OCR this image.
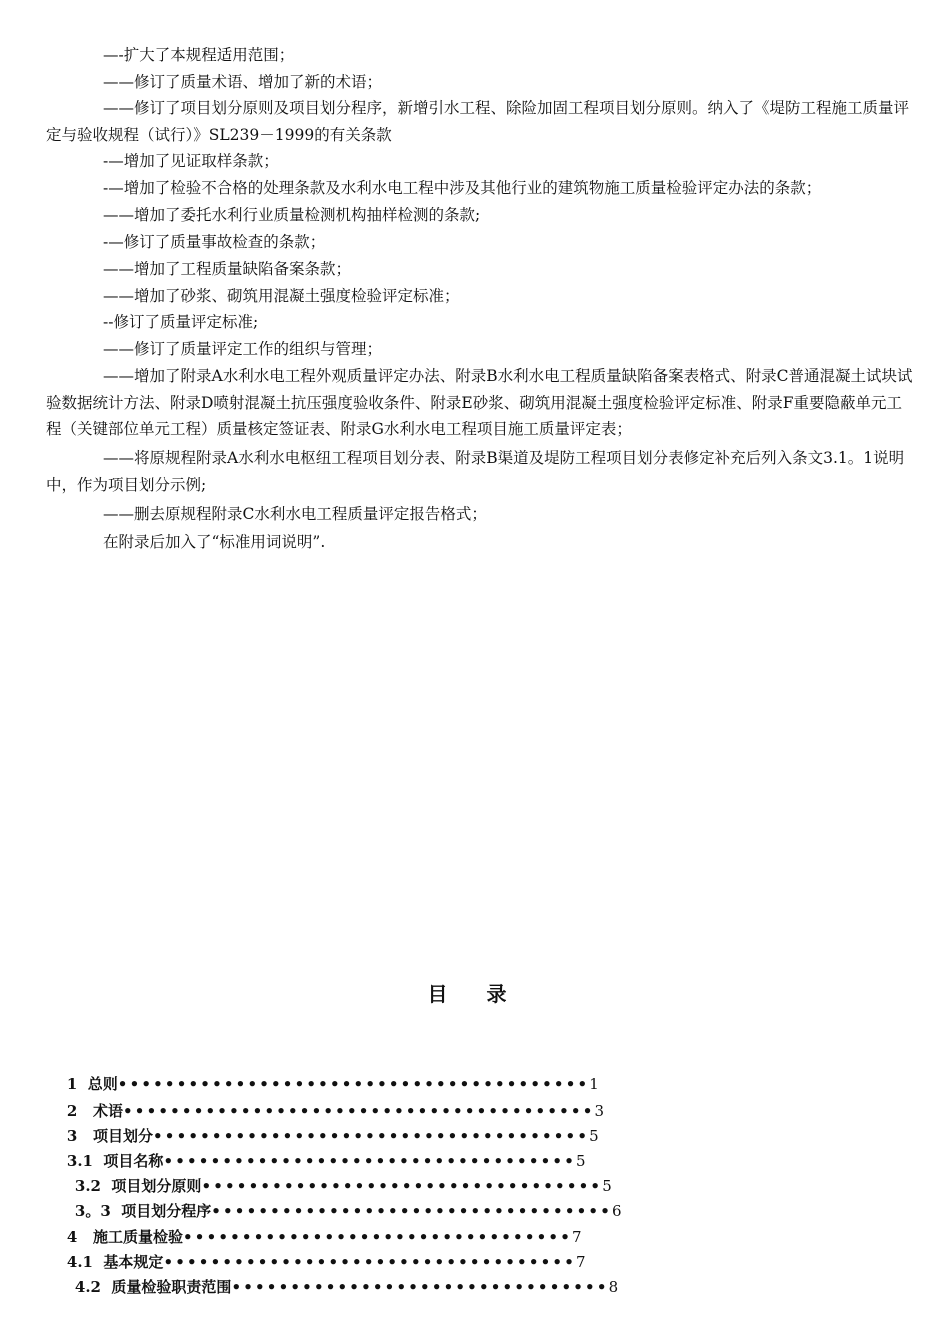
—-扩大了本规程适用范围；

——修订了质量术语、增加了新的术语；

——修订了项目划分原则及项目划分程序，新增引水工程、除险加固工程项目划分原则。纳入了《堤防工程施工质量评定与验收规程（试行）》SL239－1999的有关条款

-—增加了见证取样条款；

-—增加了检验不合格的处理条款及水利水电工程中涉及其他行业的建筑物施工质量检验评定办法的条款；

——增加了委托水利行业质量检测机构抽样检测的条款;

-—修订了质量事故检查的条款；

——增加了工程质量缺陷备案条款；

——增加了砂浆、砌筑用混凝土强度检验评定标准；

--修订了质量评定标准;

——修订了质量评定工作的组织与管理；

——增加了附录A水利水电工程外观质量评定办法、附录B水利水电工程质量缺陷备案表格式、附录C普通混凝土试块试验数据统计方法、附录D喷射混凝土抗压强度验收条件、附录E砂浆、砌筑用混凝土强度检验评定标准、附录F重要隐蔽单元工程（关键部位单元工程）质量核定签证表、附录G水利水电工程项目施工质量评定表；

——将原规程附录A水利水电枢纽工程项目划分表、附录B渠道及堤防工程项目划分表修定补充后列入条文3.1。1说明中，作为项目划分示例;

——删去原规程附录C水利水电工程质量评定报告格式；

在附录后加入了“标准用词说明”.

目 录

1  总则••••••••••••••••••••••••••••••••••••••••1

2   术语••••••••••••••••••••••••••••••••••••••••3

3   项目划分•••••••••••••••••••••••••••••••••••••5

3.1  项目名称•••••••••••••••••••••••••••••••••••5

3.2  项目划分原则••••••••••••••••••••••••••••••••••5

3。3  项目划分程序••••••••••••••••••••••••••••••••••6

4   施工质量检验•••••••••••••••••••••••••••••••••7

4.1  基本规定•••••••••••••••••••••••••••••••••••7

4.2  质量检验职责范围••••••••••••••••••••••••••••••••8
